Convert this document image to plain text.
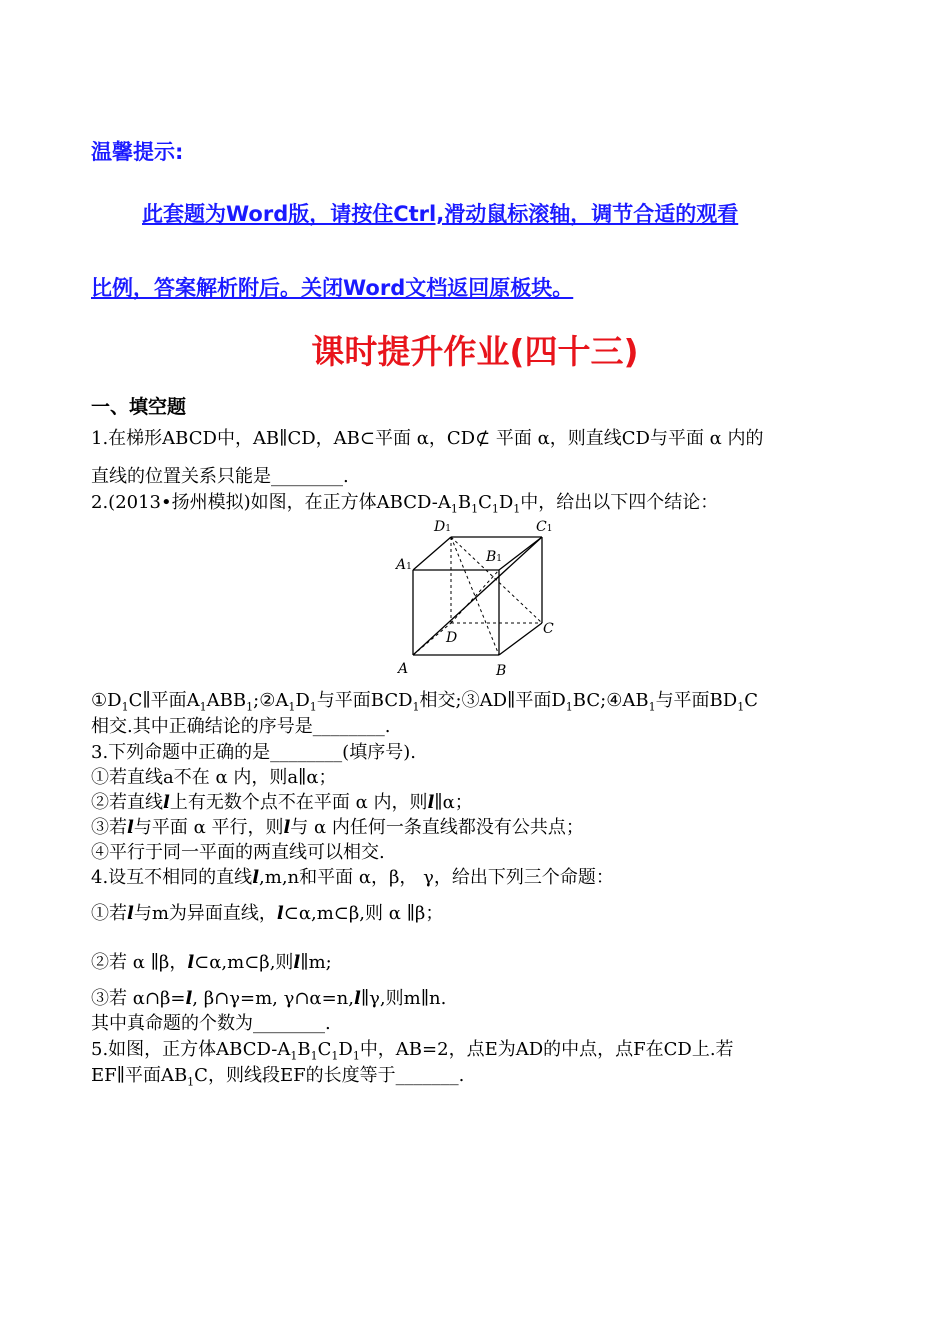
温馨提示:
此套题为Word版，请按住Ctrl,滑动鼠标滚轴，调节合适的观看
比例，答案解析附后。关闭Word文档返回原板块。
课时提升作业(四十三)
一、填空题
1.在梯形ABCD中，AB∥CD，AB⊂平面 α，CD⊄ 平面 α，则直线CD与平面 α 内的
直线的位置关系只能是________.
2.(2013•扬州模拟)如图，在正方体ABCD-$A_1B_1C_1D_1$中，给出以下四个结论：
A	B
C
D
A1
B1
C1
D1
$①D_1C\parallel$平面$A_1ABB_1;②A_1D_1$与平面$BCD_1$相交;③AD∥平面$D_1BC;④AB_1$与平面$BD_1C$
相交.其中正确结论的序号是________.
3.下列命题中正确的是________(填序号).
①若直线a不在 α 内，则a∥α；
②若直线l上有无数个点不在平面 α 内，则l∥α；
③若l与平面 α 平行，则l与 α 内任何一条直线都没有公共点；
④平行于同一平面的两直线可以相交.
4.设互不相同的直线l,m,n和平面 α，β， γ，给出下列三个命题：
①若l与m为异面直线，l⊂α,m⊂β,则 α ∥β；
②若 α ∥β，l⊂α,m⊂β,则l∥m;
③若 α∩β=l, β∩γ=m, γ∩α=n,l∥γ,则m∥n.
其中真命题的个数为________.
5.如图，正方体ABCD-$A_1B_1C_1D_1$中，AB=2，点E为AD的中点，点F在CD上.若
EF∥平面$AB_1C$，则线段EF的长度等于_______.
